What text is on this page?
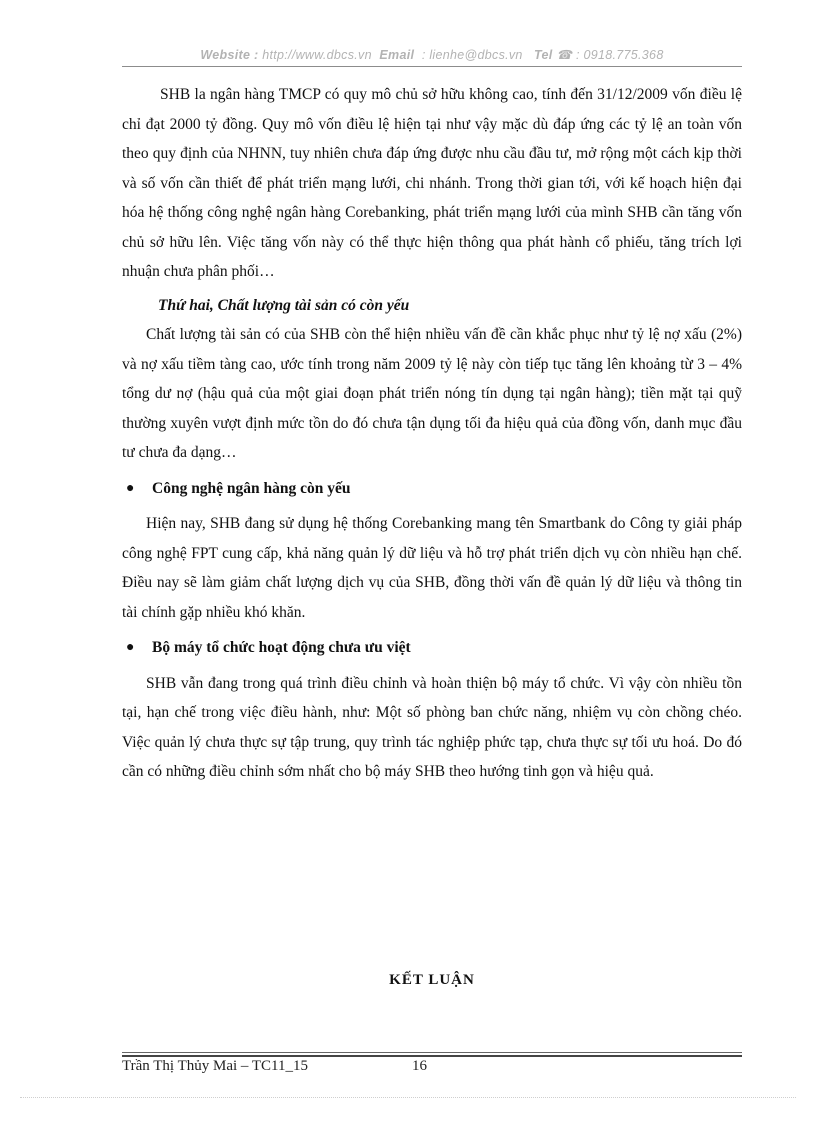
Website : http://www.dbcs.vn Email : lienhe@dbcs.vn Tel ☎ : 0918.775.368

SHB la ngân hàng TMCP có quy mô chủ sở hữu không cao, tính đến 31/12/2009 vốn điều lệ chỉ đạt 2000 tỷ đồng. Quy mô vốn điều lệ hiện tại như vậy mặc dù đáp ứng các tỷ lệ an toàn vốn theo quy định của NHNN, tuy nhiên chưa đáp ứng được nhu cầu đầu tư, mở rộng một cách kịp thời và số vốn cần thiết để phát triển mạng lưới, chi nhánh. Trong thời gian tới, với kế hoạch hiện đại hóa hệ thống công nghệ ngân hàng Corebanking, phát triển mạng lưới của mình SHB cần tăng vốn chủ sở hữu lên. Việc tăng vốn này có thể thực hiện thông qua phát hành cổ phiếu, tăng trích lợi nhuận chưa phân phối…

Thứ hai, Chất lượng tài sản có còn yếu

Chất lượng tài sản có của SHB còn thể hiện nhiều vấn đề cần khắc phục như tỷ lệ nợ xấu (2%) và nợ xấu tiềm tàng cao, ước tính trong năm 2009 tỷ lệ này còn tiếp tục tăng lên khoảng từ 3 – 4% tổng dư nợ (hậu quả của một giai đoạn phát triển nóng tín dụng tại ngân hàng); tiền mặt tại quỹ thường xuyên vượt định mức tồn do đó chưa tận dụng tối đa hiệu quả của đồng vốn, danh mục đầu tư chưa đa dạng…

●	Công nghệ ngân hàng còn yếu

Hiện nay, SHB đang sử dụng hệ thống Corebanking mang tên Smartbank do Công ty giải pháp công nghệ FPT cung cấp, khả năng quản lý dữ liệu và hỗ trợ phát triển dịch vụ còn nhiều hạn chế. Điều nay sẽ làm giảm chất lượng dịch vụ của SHB, đồng thời vấn đề quản lý dữ liệu và thông tin tài chính gặp nhiều khó khăn.

●	Bộ máy tổ chức hoạt động chưa ưu việt

SHB vẫn đang trong quá trình điều chỉnh và hoàn thiện bộ máy tổ chức. Vì vậy còn nhiều tồn tại, hạn chế trong việc điều hành, như: Một số phòng ban chức năng, nhiệm vụ còn chồng chéo. Việc quản lý chưa thực sự tập trung, quy trình tác nghiệp phức tạp, chưa thực sự tối ưu hoá. Do đó cần có những điều chỉnh sớm nhất cho bộ máy SHB theo hướng tinh gọn và hiệu quả.

KẾT LUẬN
Trần Thị Thủy Mai – TC11_15	16
